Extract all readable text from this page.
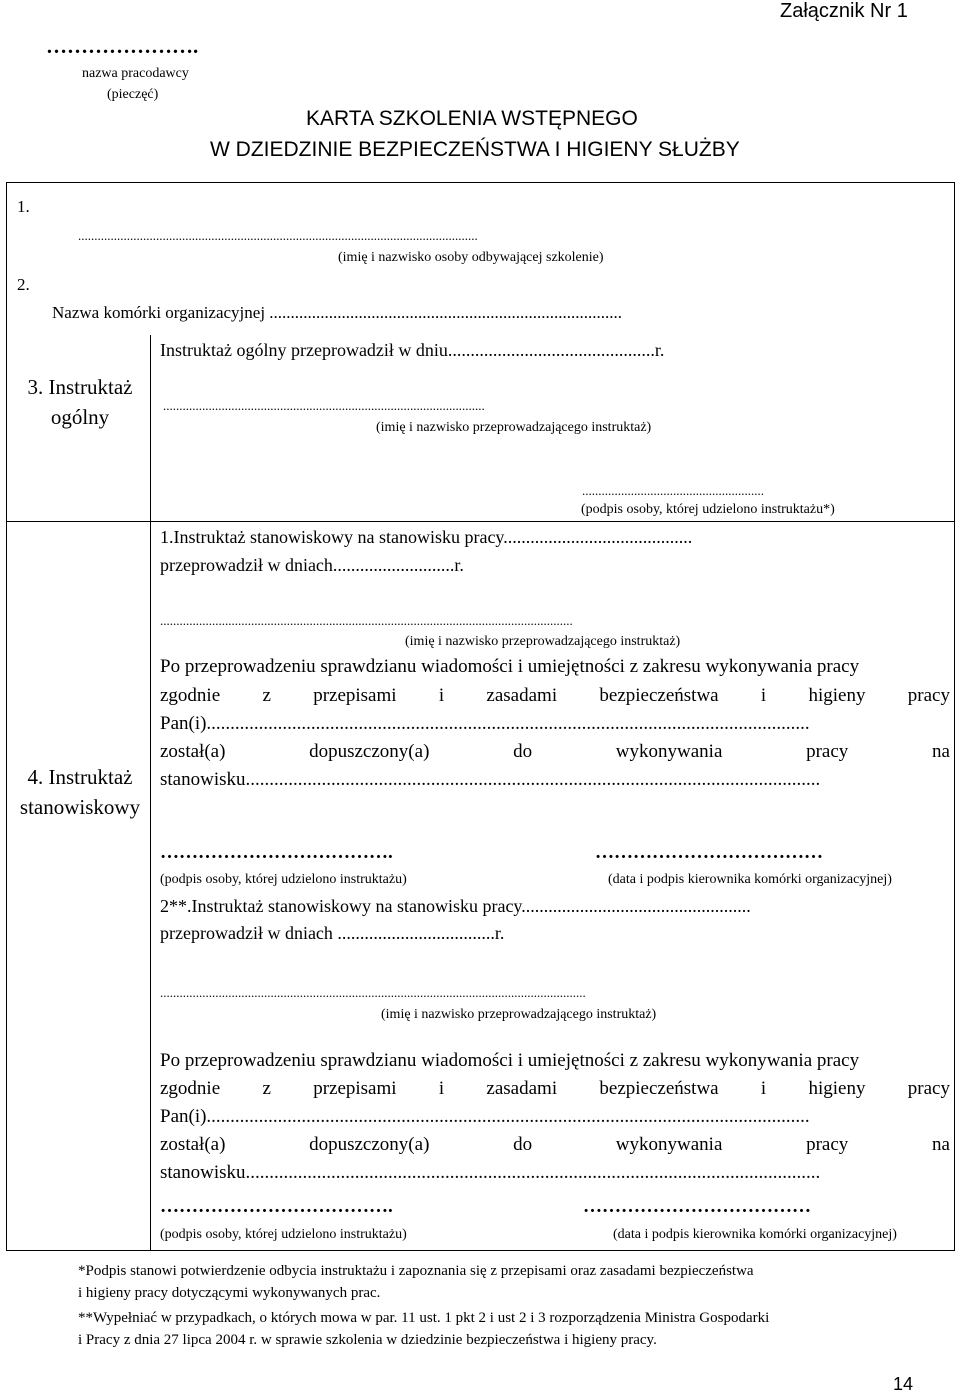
Załącznik Nr 1
………………….
nazwa pracodawcy
(pieczęć)
KARTA SZKOLENIA WSTĘPNEGO
W DZIEDZINIE BEZPIECZEŃSTWA I HIGIENY SŁUŻBY
1.
...........................................................................................................................
(imię i nazwisko osoby odbywającej szkolenie)
2.
Nazwa komórki organizacyjnej ...................................................................................
3. Instruktaż
ogólny
Instruktaż ogólny przeprowadził w dniu..............................................r.
...................................................................................................
(imię i nazwisko przeprowadzającego instruktaż)
........................................................
(podpis osoby, której udzielono instruktażu*)
4. Instruktaż
stanowiskowy
1.Instruktaż stanowiskowy na stanowisku pracy..........................................
przeprowadził w dniach...........................r.
...............................................................................................................................
(imię i nazwisko przeprowadzającego instruktaż)
Po przeprowadzeniu sprawdzianu wiadomości i umiejętności z zakresu wykonywania pracy
zgodnie z przepisami i zasadami bezpieczeństwa i higieny pracy
Pan(i)...............................................................................................................................
został(a)	dopuszczony(a)	do	wykonywania	pracy	na
stanowisku.........................................................................................................................
……………………………….	………………………………
(podpis osoby, której udzielono instruktażu)	(data i podpis kierownika komórki organizacyjnej)
2**.Instruktaż stanowiskowy na stanowisku pracy...................................................
przeprowadził w dniach ...................................r.
...................................................................................................................................
(imię i nazwisko przeprowadzającego instruktaż)
Po przeprowadzeniu sprawdzianu wiadomości i umiejętności z zakresu wykonywania pracy
zgodnie z przepisami i zasadami bezpieczeństwa i higieny pracy
Pan(i)...............................................................................................................................
został(a)	dopuszczony(a)	do	wykonywania	pracy	na
stanowisku.........................................................................................................................
……………………………….	………………………………
(podpis osoby, której udzielono instruktażu)	(data i podpis kierownika komórki organizacyjnej)
*Podpis stanowi potwierdzenie odbycia instruktażu i zapoznania się z przepisami oraz zasadami bezpieczeństwa
i higieny pracy dotyczącymi wykonywanych prac.
**Wypełniać w przypadkach, o których mowa w par. 11 ust. 1 pkt 2 i ust 2 i 3 rozporządzenia Ministra Gospodarki
i Pracy z dnia 27 lipca 2004 r. w sprawie szkolenia w dziedzinie bezpieczeństwa i higieny pracy.
14
